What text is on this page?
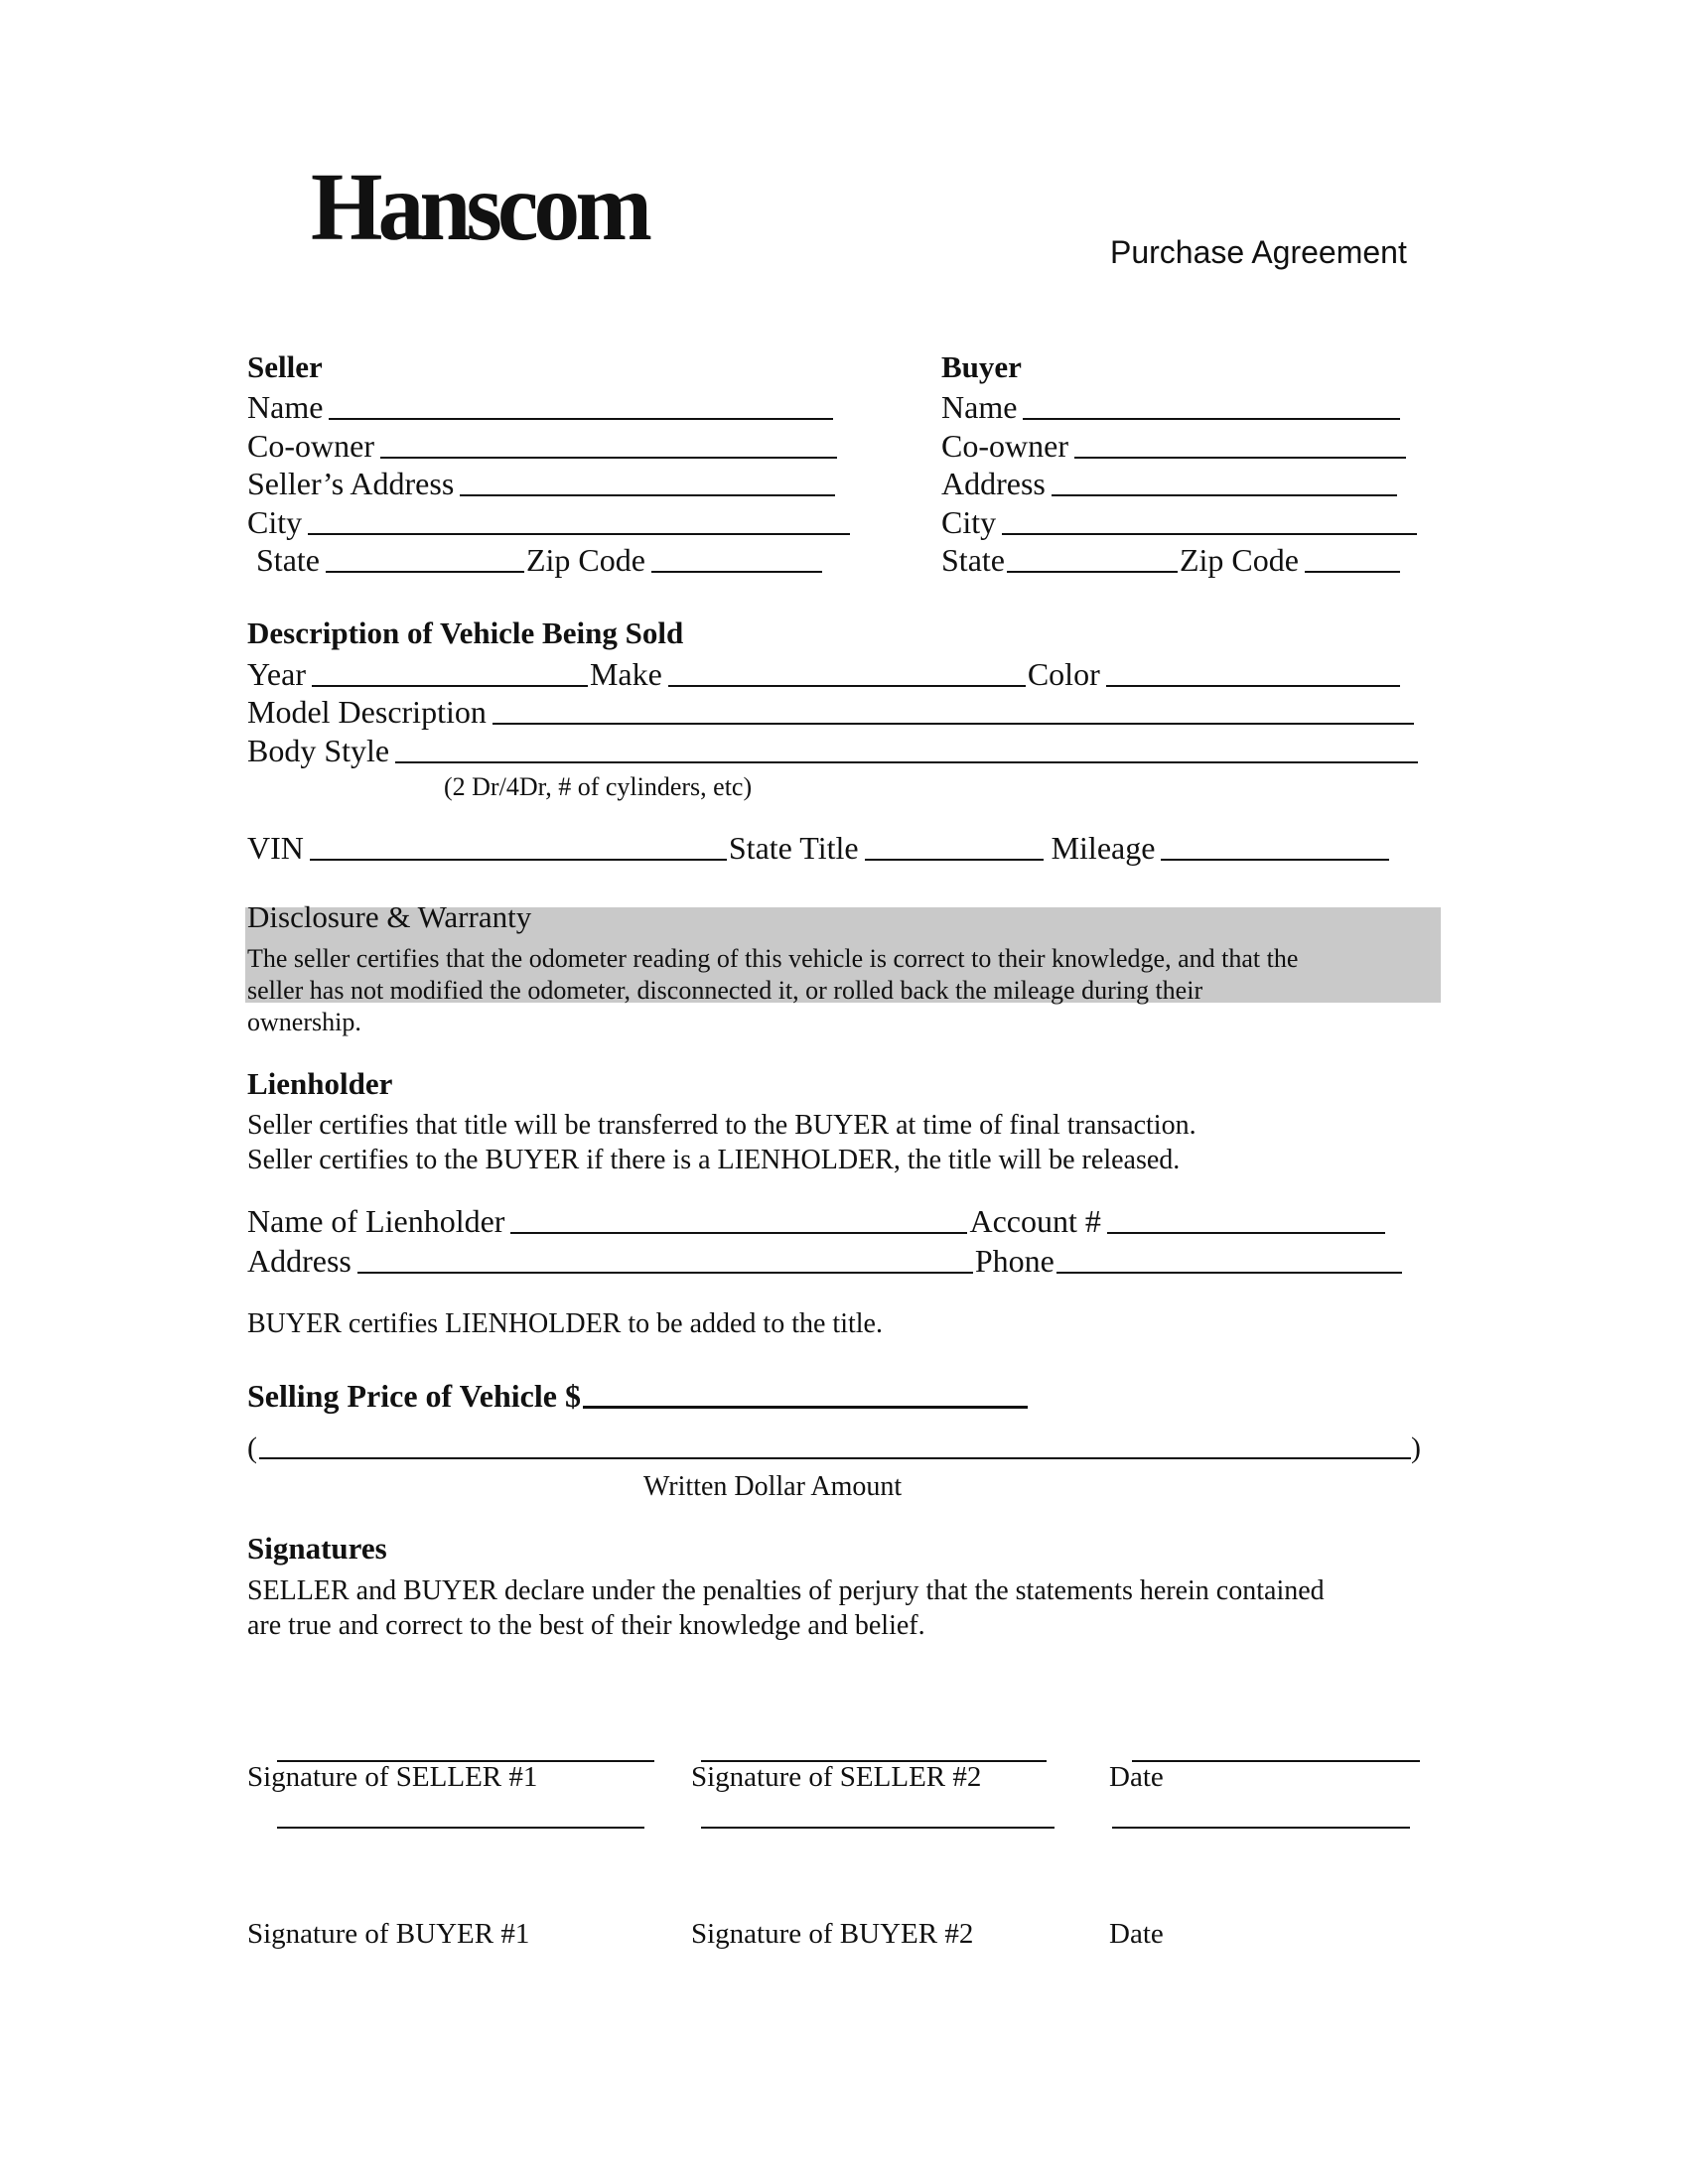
Hanscom	Purchase Agreement
Seller
Name
Co-owner
Seller’s Address
City
State	Zip Code
Buyer
Name
Co-owner
Address
City
State	Zip Code
Description of Vehicle Being Sold
Year	Make	Color
Model Description
Body Style
(2 Dr/4Dr, # of cylinders, etc)
VIN	State Title	Mileage
Disclosure & Warranty
The seller certifies that the odometer reading of this vehicle is correct to their knowledge, and that the
seller has not modified the odometer, disconnected it, or rolled back the mileage during their
ownership.
Lienholder
Seller certifies that title will be transferred to the BUYER at time of final transaction.
Seller certifies to the BUYER if there is a LIENHOLDER, the title will be released.
Name of Lienholder	Account #
Address	Phone
BUYER certifies LIENHOLDER to be added to the title.
Selling Price of Vehicle $
(	)
Written Dollar Amount
Signatures
SELLER and BUYER declare under the penalties of perjury that the statements herein contained
are true and correct to the best of their knowledge and belief.
Signature of SELLER #1	Signature of SELLER #2	Date
Signature of BUYER #1	Signature of BUYER #2	Date
